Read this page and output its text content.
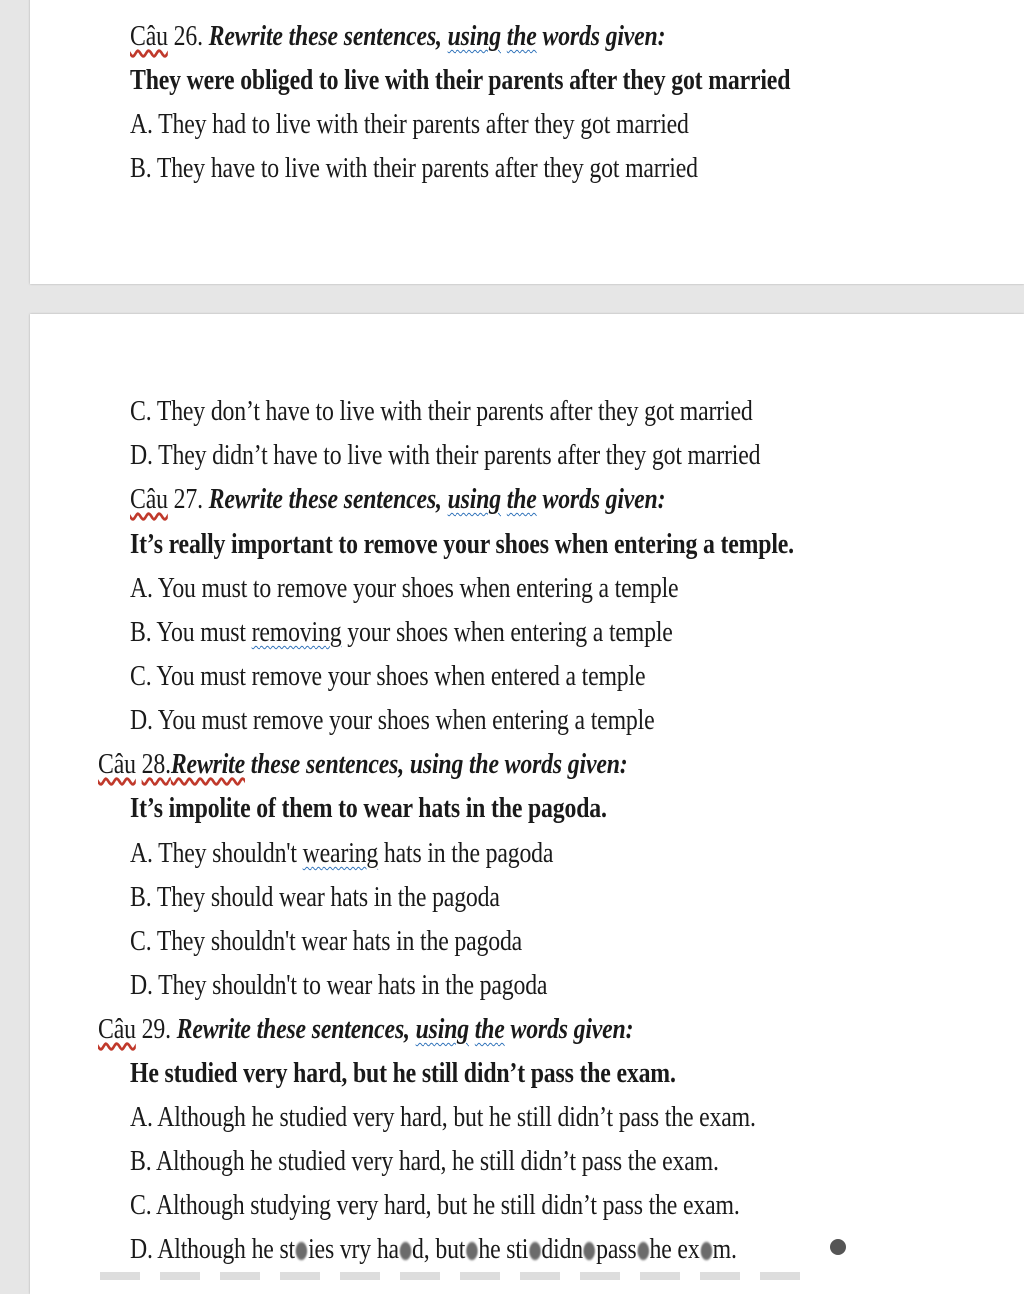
Câu 26. Rewrite these sentences, using the words given:
They were obliged to live with their parents after they got married
A. They had to live with their parents after they got married
B. They have to live with their parents after they got married
C. They don’t have to live with their parents after they got married
D. They didn’t have to live with their parents after they got married
Câu 27. Rewrite these sentences, using the words given:
It’s really important to remove your shoes when entering a temple.
A. You must to remove your shoes when entering a temple
B. You must removing your shoes when entering a temple
C. You must remove your shoes when entered a temple
D. You must remove your shoes when entering a temple
Câu 28.Rewrite these sentences, using the words given:
It’s impolite of them to wear hats in the pagoda.
A. They shouldn't wearing hats in the pagoda
B. They should wear hats in the pagoda
C. They shouldn't wear hats in the pagoda
D. They shouldn't to wear hats in the pagoda
Câu 29. Rewrite these sentences, using the words given:
He studied very hard, but he still didn’t pass the exam.
A. Although he studied very hard, but he still didn’t pass the exam.
B. Although he studied very hard, he still didn’t pass the exam.
C. Although studying very hard, but he still didn’t pass the exam.
D. Although he st ies vry ha d, but he sti didn pass he ex m.
